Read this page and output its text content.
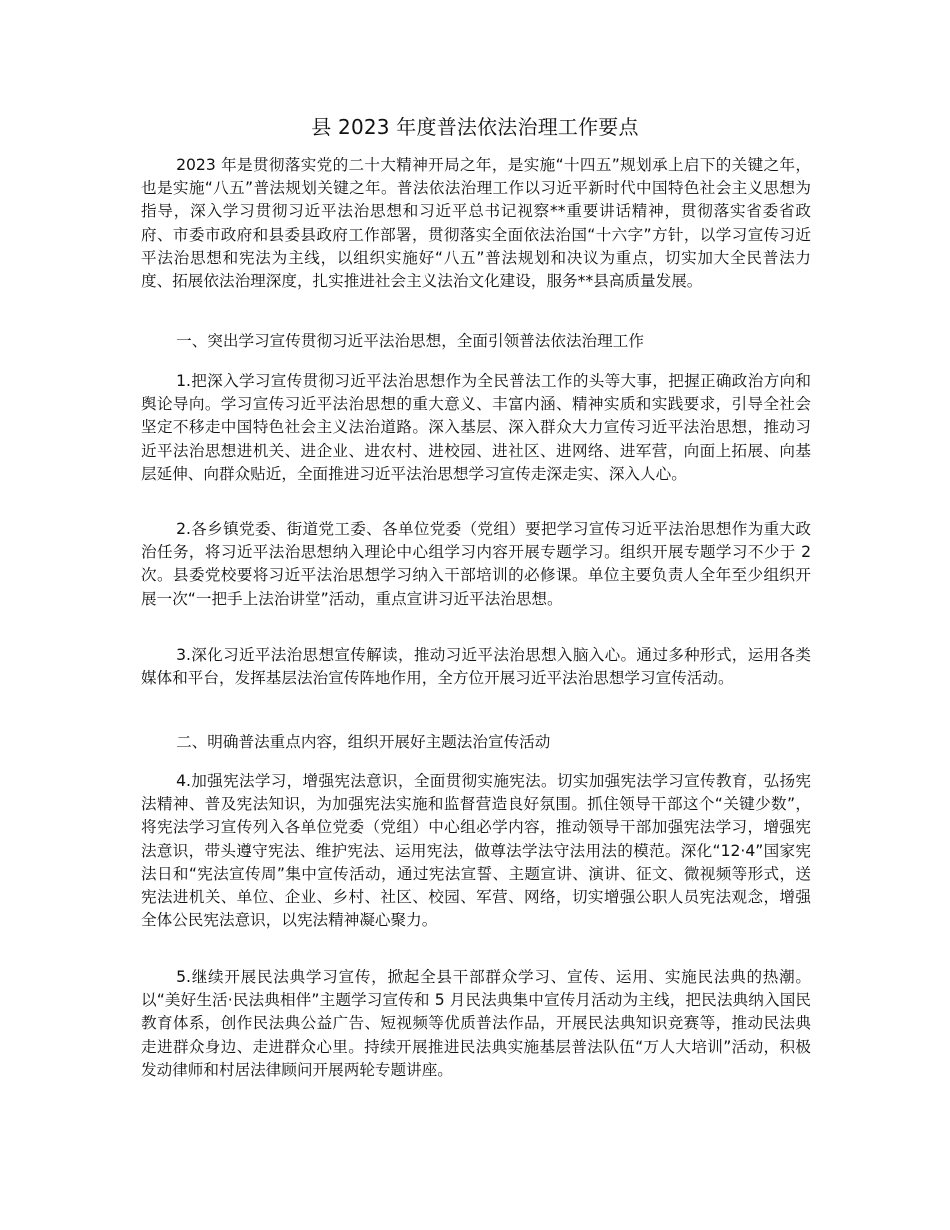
县 2023 年度普法依法治理工作要点

2023 年是贯彻落实党的二十大精神开局之年，是实施“十四五”规划承上启下的关键之年，也是实施“八五”普法规划关键之年。普法依法治理工作以习近平新时代中国特色社会主义思想为指导，深入学习贯彻习近平法治思想和习近平总书记视察**重要讲话精神，贯彻落实省委省政府、市委市政府和县委县政府工作部署，贯彻落实全面依法治国“十六字”方针，以学习宣传习近平法治思想和宪法为主线，以组织实施好“八五”普法规划和决议为重点，切实加大全民普法力度、拓展依法治理深度，扎实推进社会主义法治文化建设，服务**县高质量发展。

一、突出学习宣传贯彻习近平法治思想，全面引领普法依法治理工作

1.把深入学习宣传贯彻习近平法治思想作为全民普法工作的头等大事，把握正确政治方向和舆论导向。学习宣传习近平法治思想的重大意义、丰富内涵、精神实质和实践要求，引导全社会坚定不移走中国特色社会主义法治道路。深入基层、深入群众大力宣传习近平法治思想，推动习近平法治思想进机关、进企业、进农村、进校园、进社区、进网络、进军营，向面上拓展、向基层延伸、向群众贴近，全面推进习近平法治思想学习宣传走深走实、深入人心。

2.各乡镇党委、街道党工委、各单位党委（党组）要把学习宣传习近平法治思想作为重大政治任务，将习近平法治思想纳入理论中心组学习内容开展专题学习。组织开展专题学习不少于 2 次。县委党校要将习近平法治思想学习纳入干部培训的必修课。单位主要负责人全年至少组织开展一次“一把手上法治讲堂”活动，重点宣讲习近平法治思想。

3.深化习近平法治思想宣传解读，推动习近平法治思想入脑入心。通过多种形式，运用各类媒体和平台，发挥基层法治宣传阵地作用，全方位开展习近平法治思想学习宣传活动。

二、明确普法重点内容，组织开展好主题法治宣传活动

4.加强宪法学习，增强宪法意识，全面贯彻实施宪法。切实加强宪法学习宣传教育，弘扬宪法精神、普及宪法知识，为加强宪法实施和监督营造良好氛围。抓住领导干部这个“关键少数”，将宪法学习宣传列入各单位党委（党组）中心组必学内容，推动领导干部加强宪法学习，增强宪法意识，带头遵守宪法、维护宪法、运用宪法，做尊法学法守法用法的模范。深化“12·4”国家宪法日和“宪法宣传周”集中宣传活动，通过宪法宣誓、主题宣讲、演讲、征文、微视频等形式，送宪法进机关、单位、企业、乡村、社区、校园、军营、网络，切实增强公职人员宪法观念，增强全体公民宪法意识，以宪法精神凝心聚力。

5.继续开展民法典学习宣传，掀起全县干部群众学习、宣传、运用、实施民法典的热潮。以“美好生活·民法典相伴”主题学习宣传和 5 月民法典集中宣传月活动为主线，把民法典纳入国民教育体系，创作民法典公益广告、短视频等优质普法作品，开展民法典知识竞赛等，推动民法典走进群众身边、走进群众心里。持续开展推进民法典实施基层普法队伍“万人大培训”活动，积极发动律师和村居法律顾问开展两轮专题讲座。
